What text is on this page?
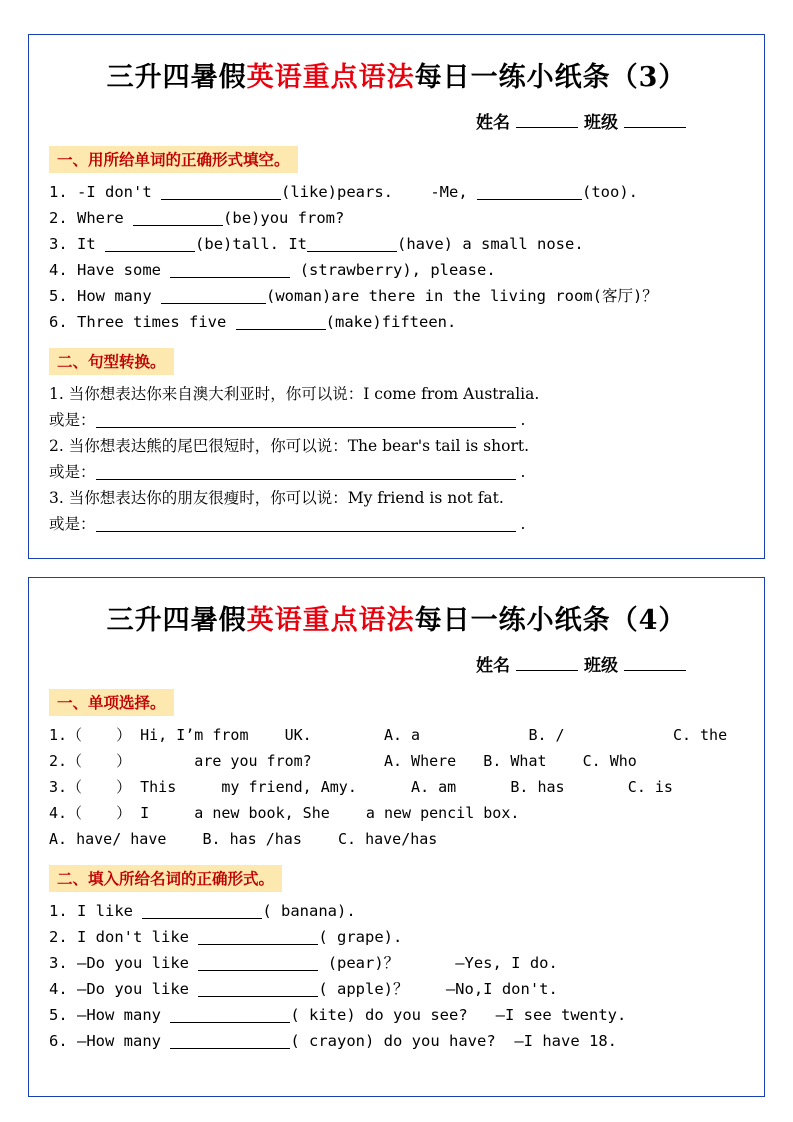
三升四暑假英语重点语法每日一练小纸条（3）
姓名	班级
一、用所给单词的正确形式填空。
1. -I don't	(like)pears. -Me,	(too).
2. Where	(be)you from?
3. It	(be)tall. It	(have) a small nose.
4. Have some	(strawberry), please.
5. How many	(woman)are there in the living room(客厅)？
6. Three times five	(make)fifteen.
二、句型转换。
1. 当你想表达你来自澳大利亚时，你可以说：I come from Australia.
或是：	.
2. 当你想表达熊的尾巴很短时，你可以说：The bear's tail is short.
或是：	.
3. 当你想表达你的朋友很瘦时，你可以说：My friend is not fat.
或是：	.
三升四暑假英语重点语法每日一练小纸条（4）
姓名	班级
一、单项选择。
1.（ ） Hi, I’m from    UK.	A. a            B. /            C. the
2.（ ）       are you from?	A. Where   B. What    C. Who
3.（ ） This     my friend, Amy.	A. am      B. has       C. is
4.（ ） I     a new book, She    a new pencil box.
A. have/ have    B. has /has    C. have/has
二、填入所给名词的正确形式。
1. I like	( banana).
2. I don't like	( grape).
3. —Do you like	(pear)？	—Yes, I do.
4. —Do you like	( apple)？ —No,I don't.
5. —How many	( kite) do you see? —I see twenty.
6. —How many	( crayon) do you have? —I have 18.
